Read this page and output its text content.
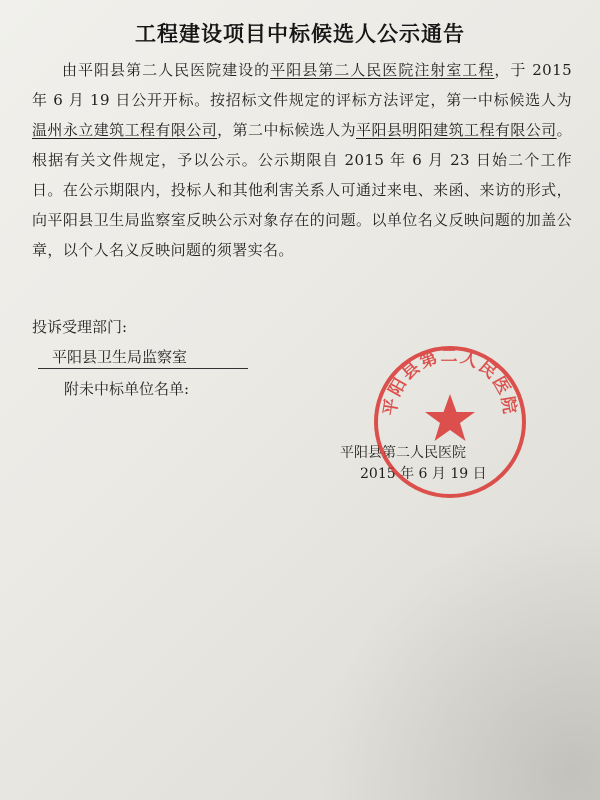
工程建设项目中标候选人公示通告

由平阳县第二人民医院建设的平阳县第二人民医院注射室工程，于 2015 年 6 月 19 日公开开标。按招标文件规定的评标方法评定，第一中标候选人为温州永立建筑工程有限公司，第二中标候选人为平阳县明阳建筑工程有限公司。根据有关文件规定，予以公示。公示期限自 2015 年 6 月 23 日始二个工作日。在公示期限内，投标人和其他利害关系人可通过来电、来函、来访的形式，向平阳县卫生局监察室反映公示对象存在的问题。以单位名义反映问题的加盖公章，以个人名义反映问题的须署实名。

投诉受理部门:
平阳县卫生局监察室
附未中标单位名单:
平阳县第二人民医院
2015 年 6 月 19 日
平阳县第二人民医院
